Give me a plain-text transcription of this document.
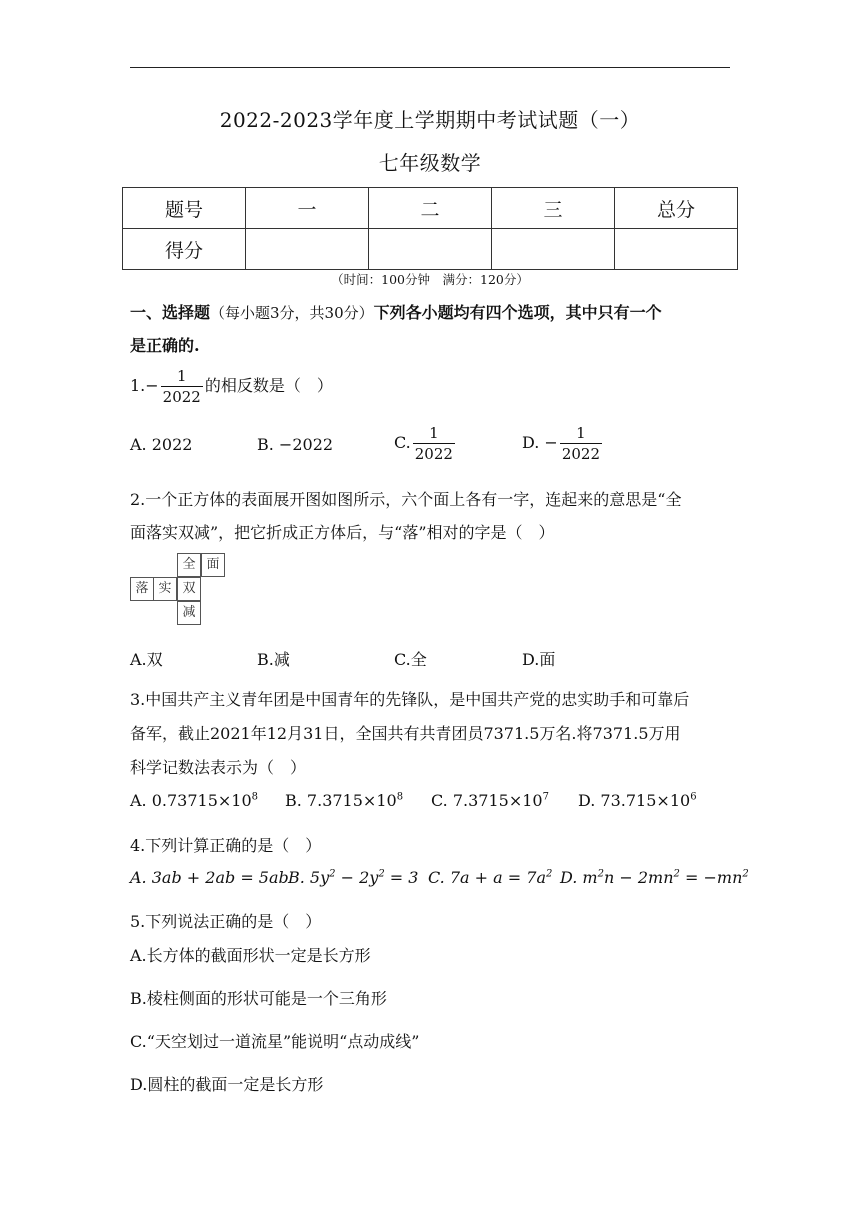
2022-2023学年度上学期期中考试试题（一）
七年级数学
题号	一	二	三	总分
得分				
（时间：100分钟　满分：120分）
一、选择题（每小题3分，共30分）下列各小题均有四个选项，其中只有一个
是正确的.
$1.- \frac{1}{2022}$ 的相反数是（　）
A. 2022	B. −2022	C. $\frac{1}{2022}$	D. − $\frac{1}{2022}$
2.一个正方体的表面展开图如图所示，六个面上各有一字，连起来的意思是“全
面落实双减”，把它折成正方体后，与“落”相对的字是（　）
全 面
落 实 双
减
A.双	B.减	C.全	D.面
3.中国共产主义青年团是中国青年的先锋队，是中国共产党的忠实助手和可靠后
备军，截止2021年12月31日，全国共有共青团员7371.5万名.将7371.5万用
科学记数法表示为（　）
A. $0.73715\times 10^8$ B. $7.3715\times 10^8$ C. $7.3715\times 10^7$ D. $73.715\times 10^6$
4.下列计算正确的是（　）
A. 3ab + 2ab = 5ab B. $5y^2 - 2y^2 = 3$ C. $7a + a = 7a^2$ D. $m^2n - 2mn^2 = -mn^2$
5.下列说法正确的是（　）
A.长方体的截面形状一定是长方形
B.棱柱侧面的形状可能是一个三角形
C.“天空划过一道流星”能说明“点动成线”
D.圆柱的截面一定是长方形
